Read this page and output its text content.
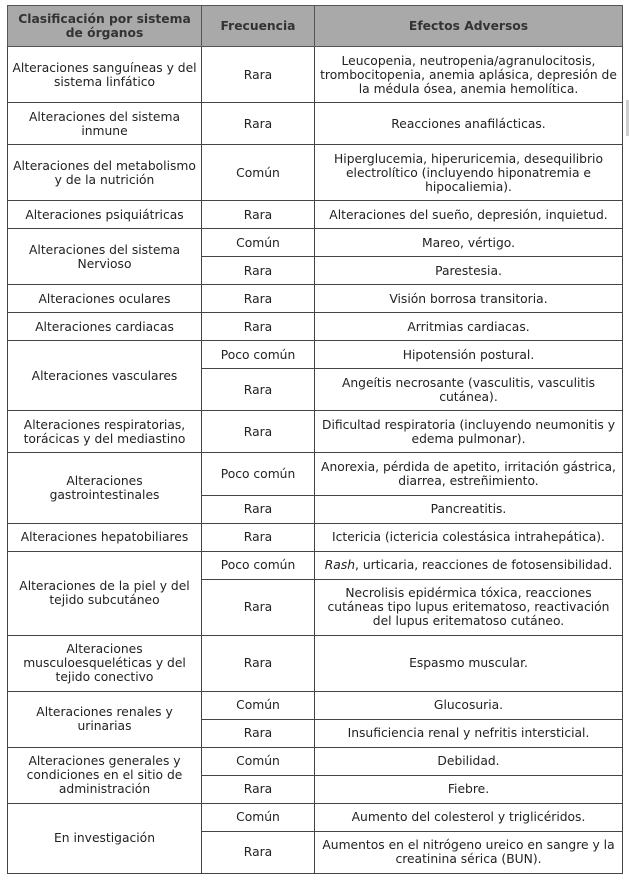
Clasificación por sistema de órganos	Frecuencia	Efectos Adversos
Alteraciones sanguíneas y del sistema linfático	Rara	Leucopenia, neutropenia/agranulocitosis, trombocitopenia, anemia aplásica, depresión de la médula ósea, anemia hemolítica.
Alteraciones del sistema inmune	Rara	Reacciones anafilácticas.
Alteraciones del metabolismo y de la nutrición	Común	Hiperglucemia, hiperuricemia, desequilibrio electrolítico (incluyendo hiponatremia e hipocaliemia).
Alteraciones psiquiátricas	Rara	Alteraciones del sueño, depresión, inquietud.
Alteraciones del sistema Nervioso	Común	Mareo, vértigo.
	Rara	Parestesia.
Alteraciones oculares	Rara	Visión borrosa transitoria.
Alteraciones cardiacas	Rara	Arritmias cardiacas.
Alteraciones vasculares	Poco común	Hipotensión postural.
	Rara	Angeítis necrosante (vasculitis, vasculitis cutánea).
Alteraciones respiratorias, torácicas y del mediastino	Rara	Dificultad respiratoria (incluyendo neumonitis y edema pulmonar).
Alteraciones gastrointestinales	Poco común	Anorexia, pérdida de apetito, irritación gástrica, diarrea, estreñimiento.
	Rara	Pancreatitis.
Alteraciones hepatobiliares	Rara	Ictericia (ictericia colestásica intrahepática).
Alteraciones de la piel y del tejido subcutáneo	Poco común	Rash, urticaria, reacciones de fotosensibilidad.
	Rara	Necrolisis epidérmica tóxica, reacciones cutáneas tipo lupus eritematoso, reactivación del lupus eritematoso cutáneo.
Alteraciones musculoesqueléticas y del tejido conectivo	Rara	Espasmo muscular.
Alteraciones renales y urinarias	Común	Glucosuria.
	Rara	Insuficiencia renal y nefritis intersticial.
Alteraciones generales y condiciones en el sitio de administración	Común	Debilidad.
	Rara	Fiebre.
En investigación	Común	Aumento del colesterol y triglicéridos.
	Rara	Aumentos en el nitrógeno ureico en sangre y la creatinina sérica (BUN).
